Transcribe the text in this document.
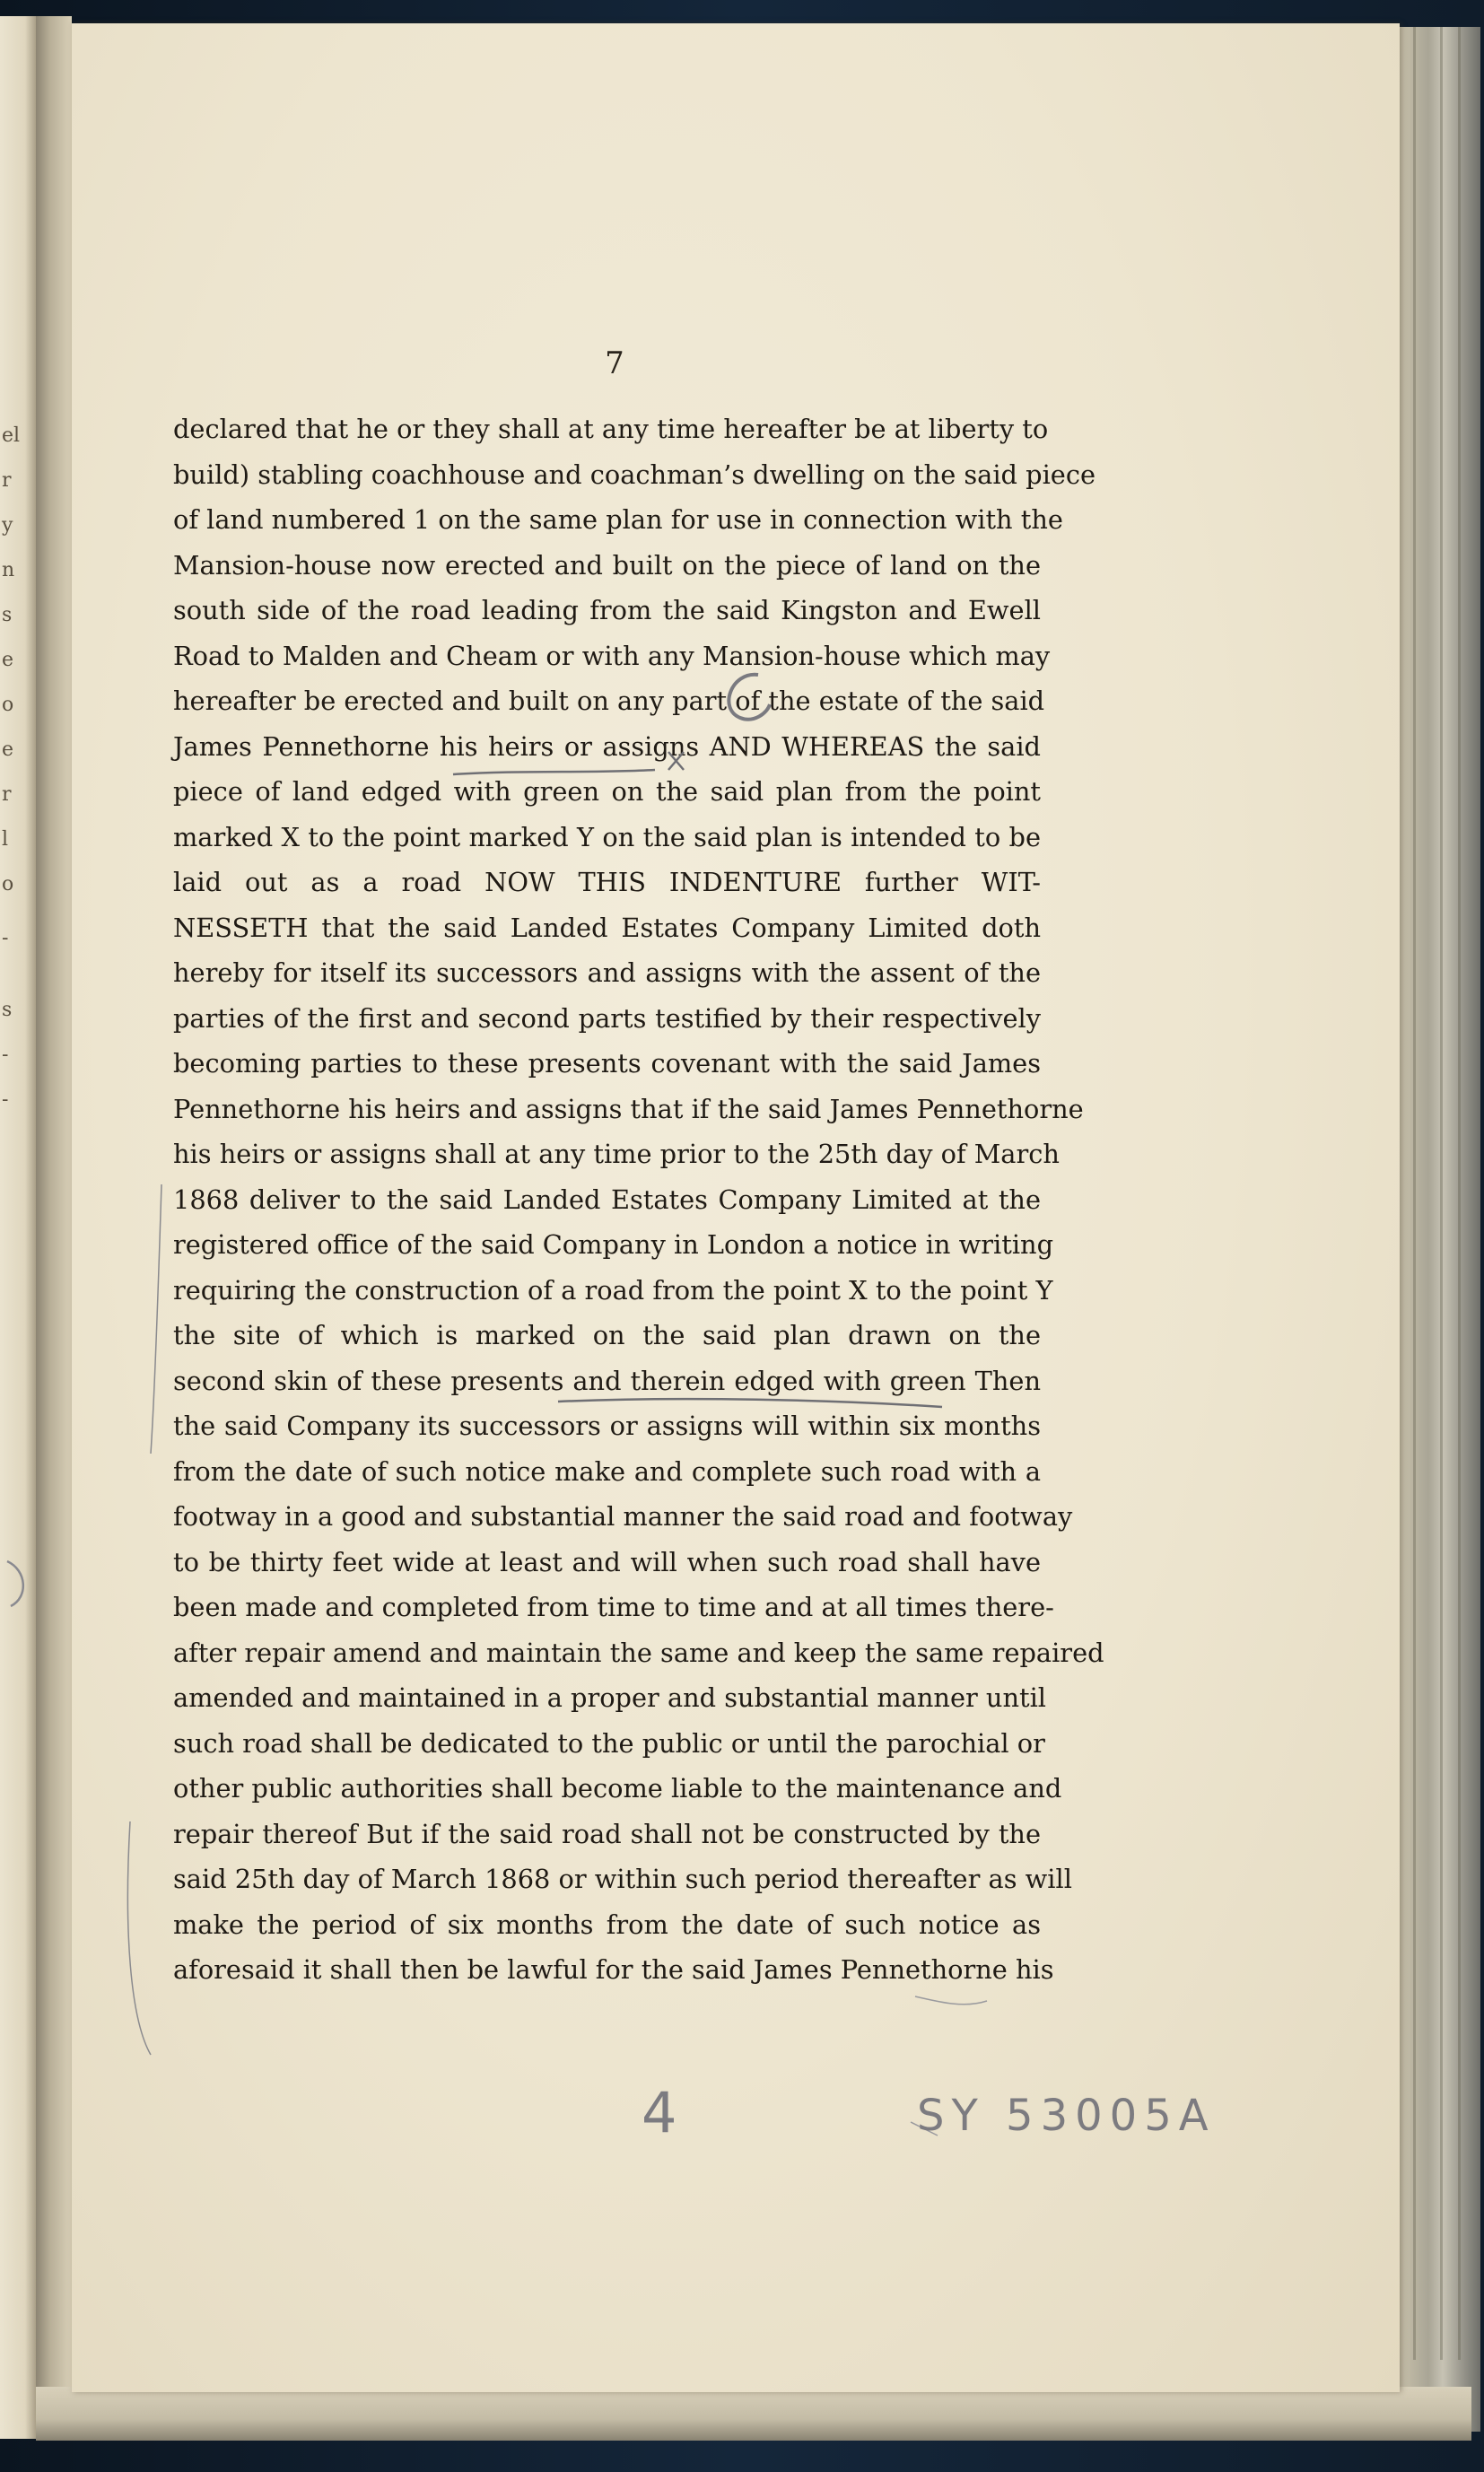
el
r
y
n
s
e
o
e
r
l
o
-
s
-
-
7
declared that he or they shall at any time hereafter be at liberty to
build) stabling coachhouse and coachman’s dwelling on the said piece
of land numbered 1 on the same plan for use in connection with the
Mansion-house now erected and built on the piece of land on the
south side of the road leading from the said Kingston and Ewell
Road to Malden and Cheam or with any Mansion-house which may
hereafter be erected and built on any part of the estate of the said
James Pennethorne his heirs or assigns AND WHEREAS the said
piece of land edged with green on the said plan from the point
marked X to the point marked Y on the said plan is intended to be
laid out as a road NOW THIS INDENTURE further WIT-
NESSETH that the said Landed Estates Company Limited doth
hereby for itself its successors and assigns with the assent of the
parties of the first and second parts testified by their respectively
becoming parties to these presents covenant with the said James
Pennethorne his heirs and assigns that if the said James Pennethorne
his heirs or assigns shall at any time prior to the 25th day of March
1868 deliver to the said Landed Estates Company Limited at the
registered office of the said Company in London a notice in writing
requiring the construction of a road from the point X to the point Y
the site of which is marked on the said plan drawn on the
second skin of these presents and therein edged with green Then
the said Company its successors or assigns will within six months
from the date of such notice make and complete such road with a
footway in a good and substantial manner the said road and footway
to be thirty feet wide at least and will when such road shall have
been made and completed from time to time and at all times there-
after repair amend and maintain the same and keep the same repaired
amended and maintained in a proper and substantial manner until
such road shall be dedicated to the public or until the parochial or
other public authorities shall become liable to the maintenance and
repair thereof But if the said road shall not be constructed by the
said 25th day of March 1868 or within such period thereafter as will
make the period of six months from the date of such notice as
aforesaid it shall then be lawful for the said James Pennethorne his
4	SY 53005A
